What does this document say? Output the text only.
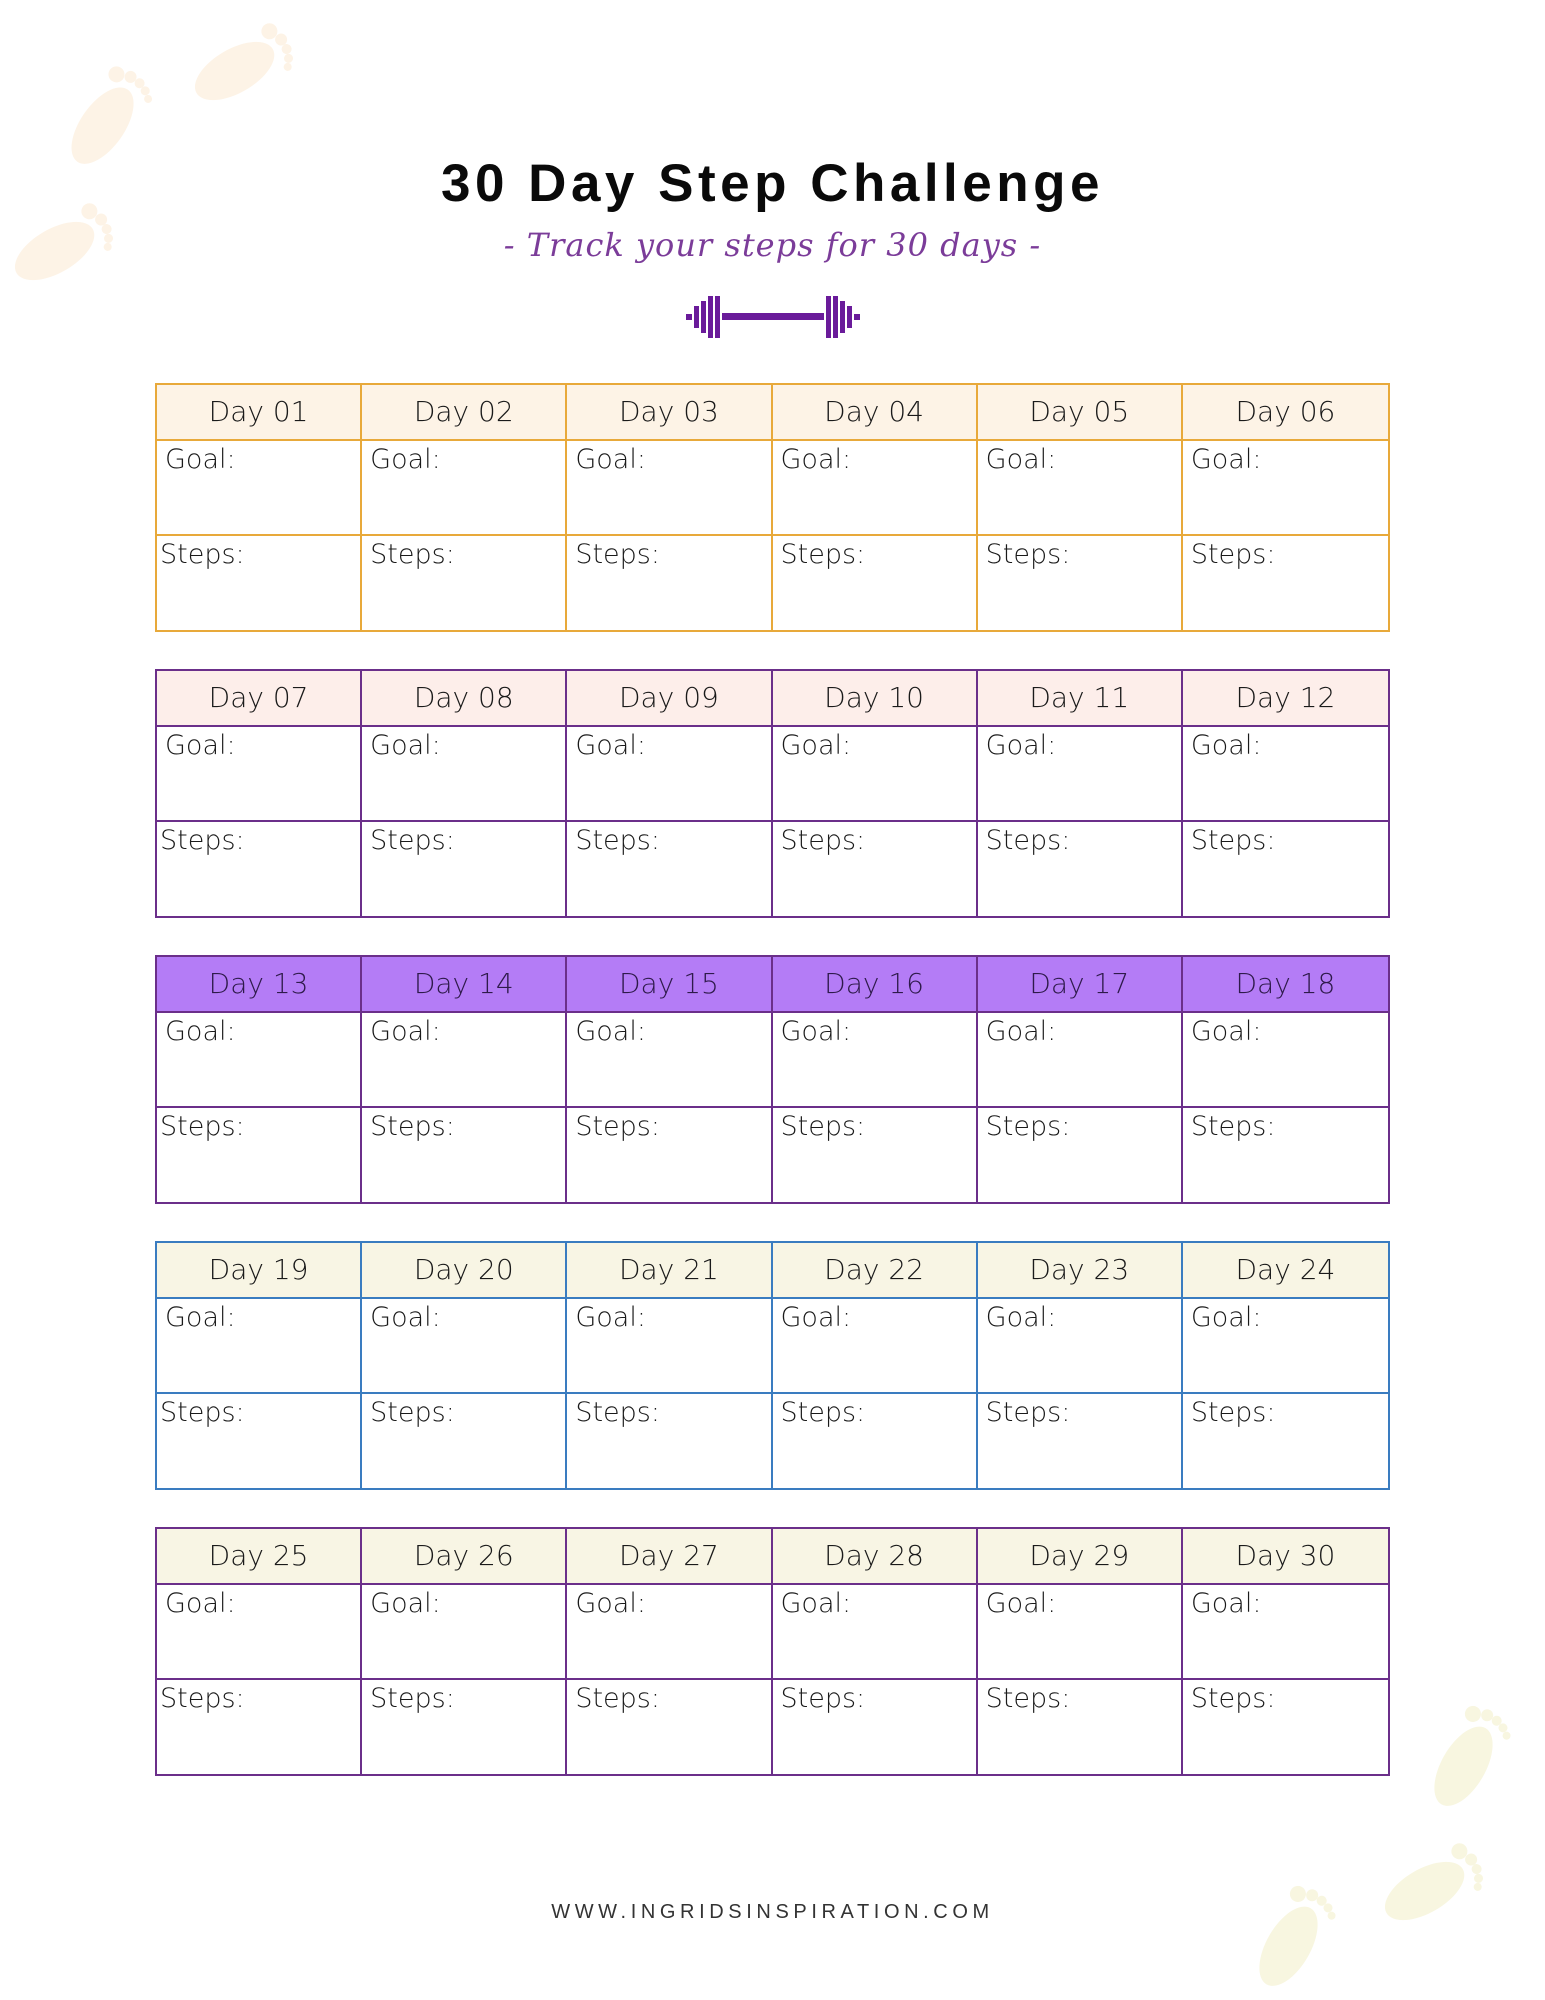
30 Day Step Challenge
- Track your steps for 30 days -
Day 01	Day 02	Day 03	Day 04	Day 05	Day 06
Goal:	Goal:	Goal:	Goal:	Goal:	Goal:
Steps:	Steps:	Steps:	Steps:	Steps:	Steps:
Day 07	Day 08	Day 09	Day 10	Day 11	Day 12
Goal:	Goal:	Goal:	Goal:	Goal:	Goal:
Steps:	Steps:	Steps:	Steps:	Steps:	Steps:
Day 13	Day 14	Day 15	Day 16	Day 17	Day 18
Goal:	Goal:	Goal:	Goal:	Goal:	Goal:
Steps:	Steps:	Steps:	Steps:	Steps:	Steps:
Day 19	Day 20	Day 21	Day 22	Day 23	Day 24
Goal:	Goal:	Goal:	Goal:	Goal:	Goal:
Steps:	Steps:	Steps:	Steps:	Steps:	Steps:
Day 25	Day 26	Day 27	Day 28	Day 29	Day 30
Goal:	Goal:	Goal:	Goal:	Goal:	Goal:
Steps:	Steps:	Steps:	Steps:	Steps:	Steps:
WWW.INGRIDSINSPIRATION.COM
